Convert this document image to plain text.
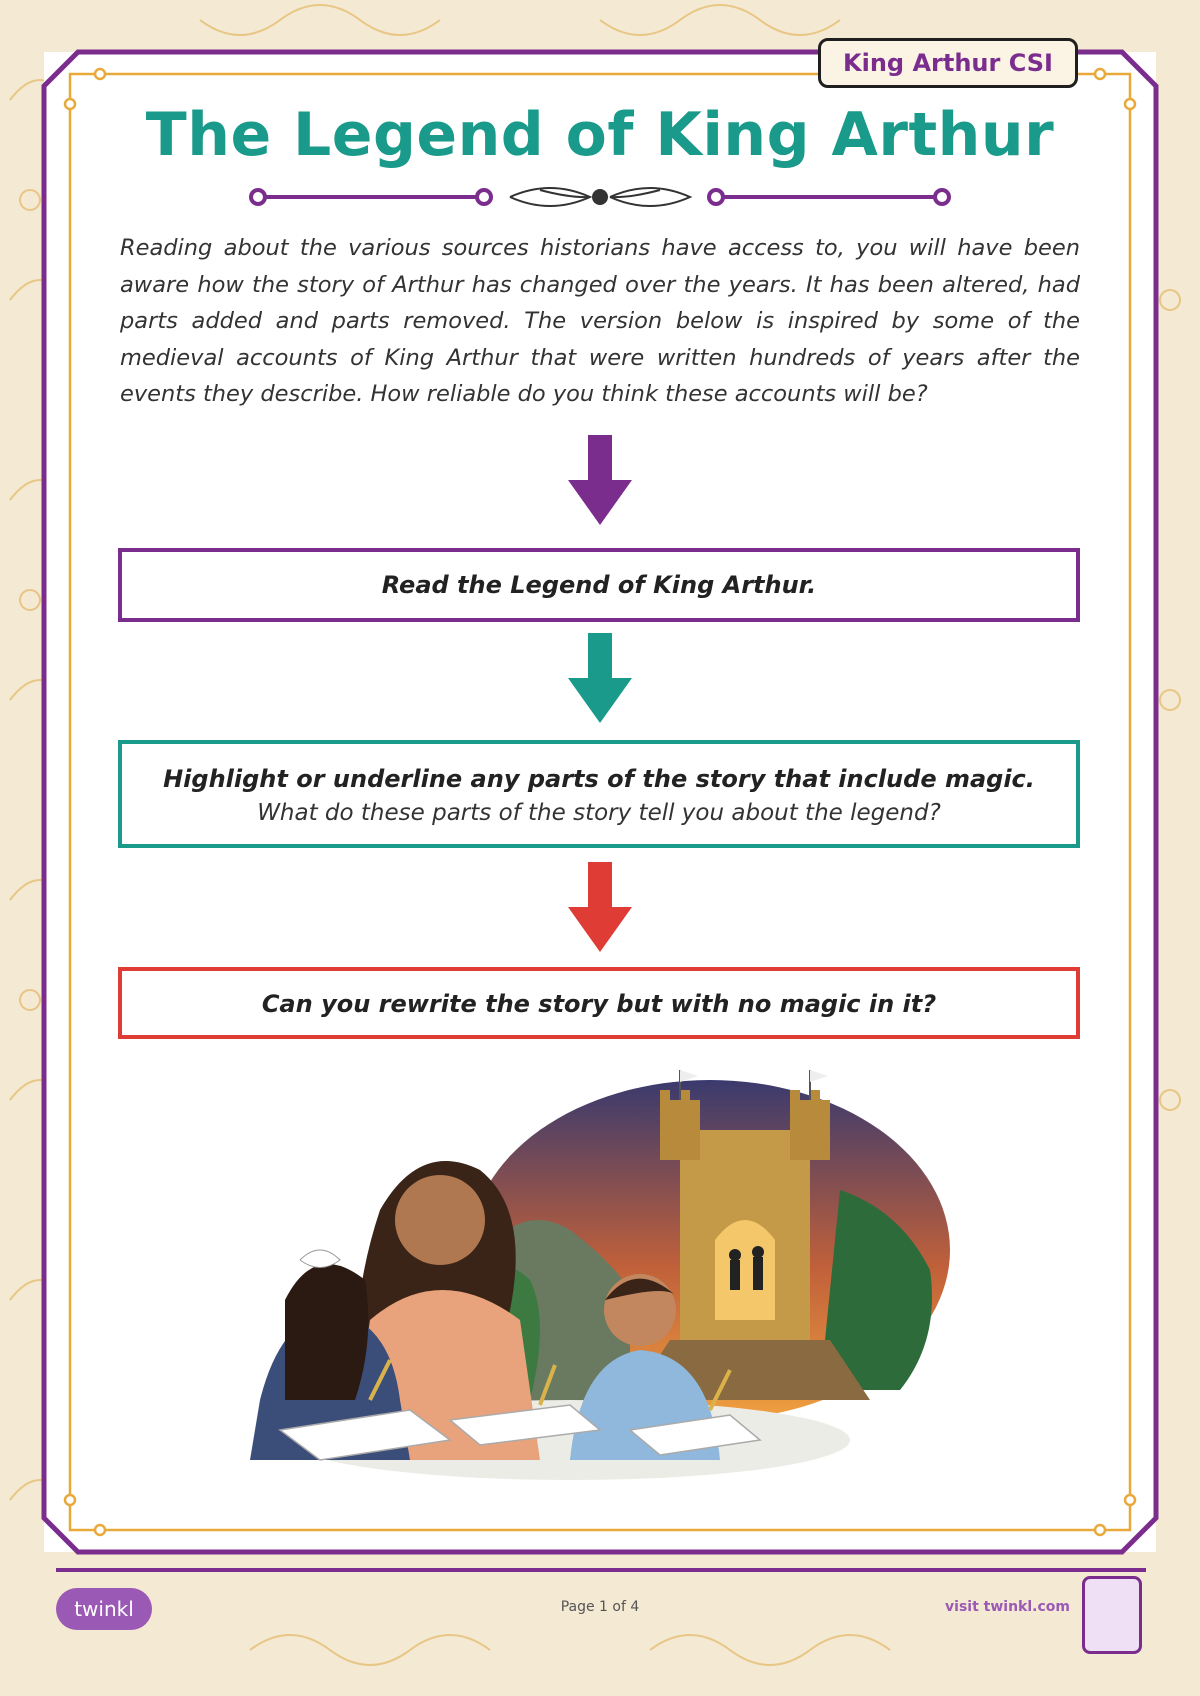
King Arthur CSI
The Legend of King Arthur
Reading about the various sources historians have access to, you will have been aware how the story of Arthur has changed over the years. It has been altered, had parts added and parts removed. The version below is inspired by some of the medieval accounts of King Arthur that were written hundreds of years after the events they describe. How reliable do you think these accounts will be?
Read the Legend of King Arthur.
Highlight or underline any parts of the story that include magic.
What do these parts of the story tell you about the legend?
Can you rewrite the story but with no magic in it?
twinkl	Page 1 of 4	visit twinkl.com
